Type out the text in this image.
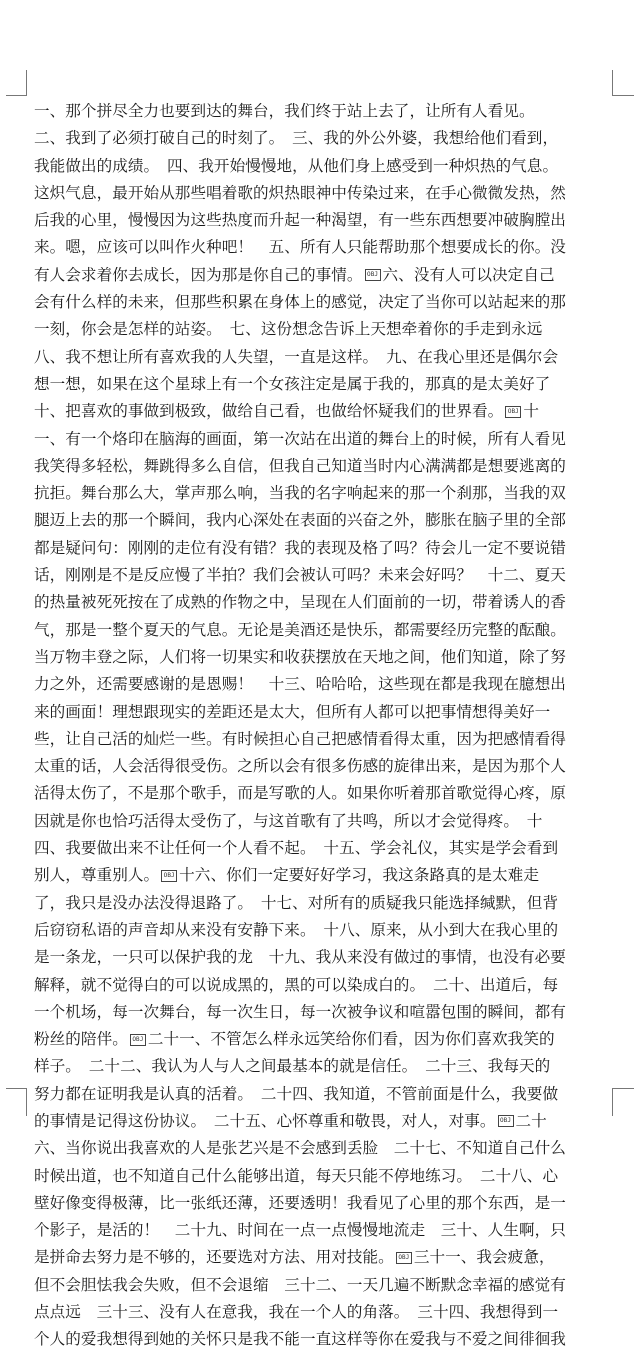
一、那个拼尽全力也要到达的舞台，我们终于站上去了，让所有人看见。
二、我到了必须打破自己的时刻了。　三、我的外公外婆，我想给他们看到，
我能做出的成绩。　四、我开始慢慢地，从他们身上感受到一种炽热的气息。
这炽气息，最开始从那些唱着歌的炽热眼神中传染过来，在手心微微发热，然
后我的心里，慢慢因为这些热度而升起一种渴望，有一些东西想要冲破胸膛出
来。嗯，应该可以叫作火种吧！　五、所有人只能帮助那个想要成长的你。没
有人会求着你去成长，因为那是你自己的事情。 OBJ 六、没有人可以决定自己
会有什么样的未来，但那些积累在身体上的感觉，决定了当你可以站起来的那
一刻，你会是怎样的站姿。　七、这份想念告诉上天想牵着你的手走到永远
八、我不想让所有喜欢我的人失望，一直是这样。　九、在我心里还是偶尔会
想一想，如果在这个星球上有一个女孩注定是属于我的，那真的是太美好了
十、把喜欢的事做到极致，做给自己看，也做给怀疑我们的世界看。 OBJ 十
一、有一个烙印在脑海的画面，第一次站在出道的舞台上的时候，所有人看见
我笑得多轻松，舞跳得多么自信，但我自己知道当时内心满满都是想要逃离的
抗拒。舞台那么大，掌声那么响，当我的名字响起来的那一个刹那，当我的双
腿迈上去的那一个瞬间，我内心深处在表面的兴奋之外，膨胀在脑子里的全部
都是疑问句：刚刚的走位有没有错？我的表现及格了吗？待会儿一定不要说错
话，刚刚是不是反应慢了半拍？我们会被认可吗？未来会好吗？　十二、夏天
的热量被死死按在了成熟的作物之中，呈现在人们面前的一切，带着诱人的香
气，那是一整个夏天的气息。无论是美酒还是快乐，都需要经历完整的酝酿。
当万物丰登之际，人们将一切果实和收获摆放在天地之间，他们知道，除了努
力之外，还需要感谢的是恩赐！　十三、哈哈哈，这些现在都是我现在臆想出
来的画面！理想跟现实的差距还是太大，但所有人都可以把事情想得美好一
些，让自己活的灿烂一些。有时候担心自己把感情看得太重，因为把感情看得
太重的话，人会活得很受伤。之所以会有很多伤感的旋律出来，是因为那个人
活得太伤了，不是那个歌手，而是写歌的人。如果你听着那首歌觉得心疼，原
因就是你也恰巧活得太受伤了，与这首歌有了共鸣，所以才会觉得疼。　十
四、我要做出来不让任何一个人看不起。　十五、学会礼仪，其实是学会看到
别人，尊重别人。 OBJ 十六、你们一定要好好学习，我这条路真的是太难走
了，我只是没办法没得退路了。　十七、对所有的质疑我只能选择缄默，但背
后窃窃私语的声音却从来没有安静下来。　十八、原来，从小到大在我心里的
是一条龙，一只可以保护我的龙　十九、我从来没有做过的事情，也没有必要
解释，就不觉得白的可以说成黑的，黑的可以染成白的。　二十、出道后，每
一个机场，每一次舞台，每一次生日，每一次被争议和喧嚣包围的瞬间，都有
粉丝的陪伴。 OBJ 二十一、不管怎么样永远笑给你们看，因为你们喜欢我笑的
样子。　二十二、我认为人与人之间最基本的就是信任。　二十三、我每天的
努力都在证明我是认真的活着。　二十四、我知道，不管前面是什么，我要做
的事情是记得这份协议。　二十五、心怀尊重和敬畏，对人，对事。 OBJ 二十
六、当你说出我喜欢的人是张艺兴是不会感到丢脸　二十七、不知道自己什么
时候出道，也不知道自己什么能够出道，每天只能不停地练习。　二十八、心
壁好像变得极薄，比一张纸还薄，还要透明！我看见了心里的那个东西，是一
个影子，是活的！　二十九、时间在一点一点慢慢地流走　三十、人生啊，只
是拼命去努力是不够的，还要选对方法、用对技能。 OBJ 三十一、我会疲惫，
但不会胆怯我会失败，但不会退缩　三十二、一天几遍不断默念幸福的感觉有
点点远　三十三、没有人在意我，我在一个人的角落。　三十四、我想得到一
个人的爱我想得到她的关怀只是我不能一直这样等你在爱我与不爱之间徘徊我
